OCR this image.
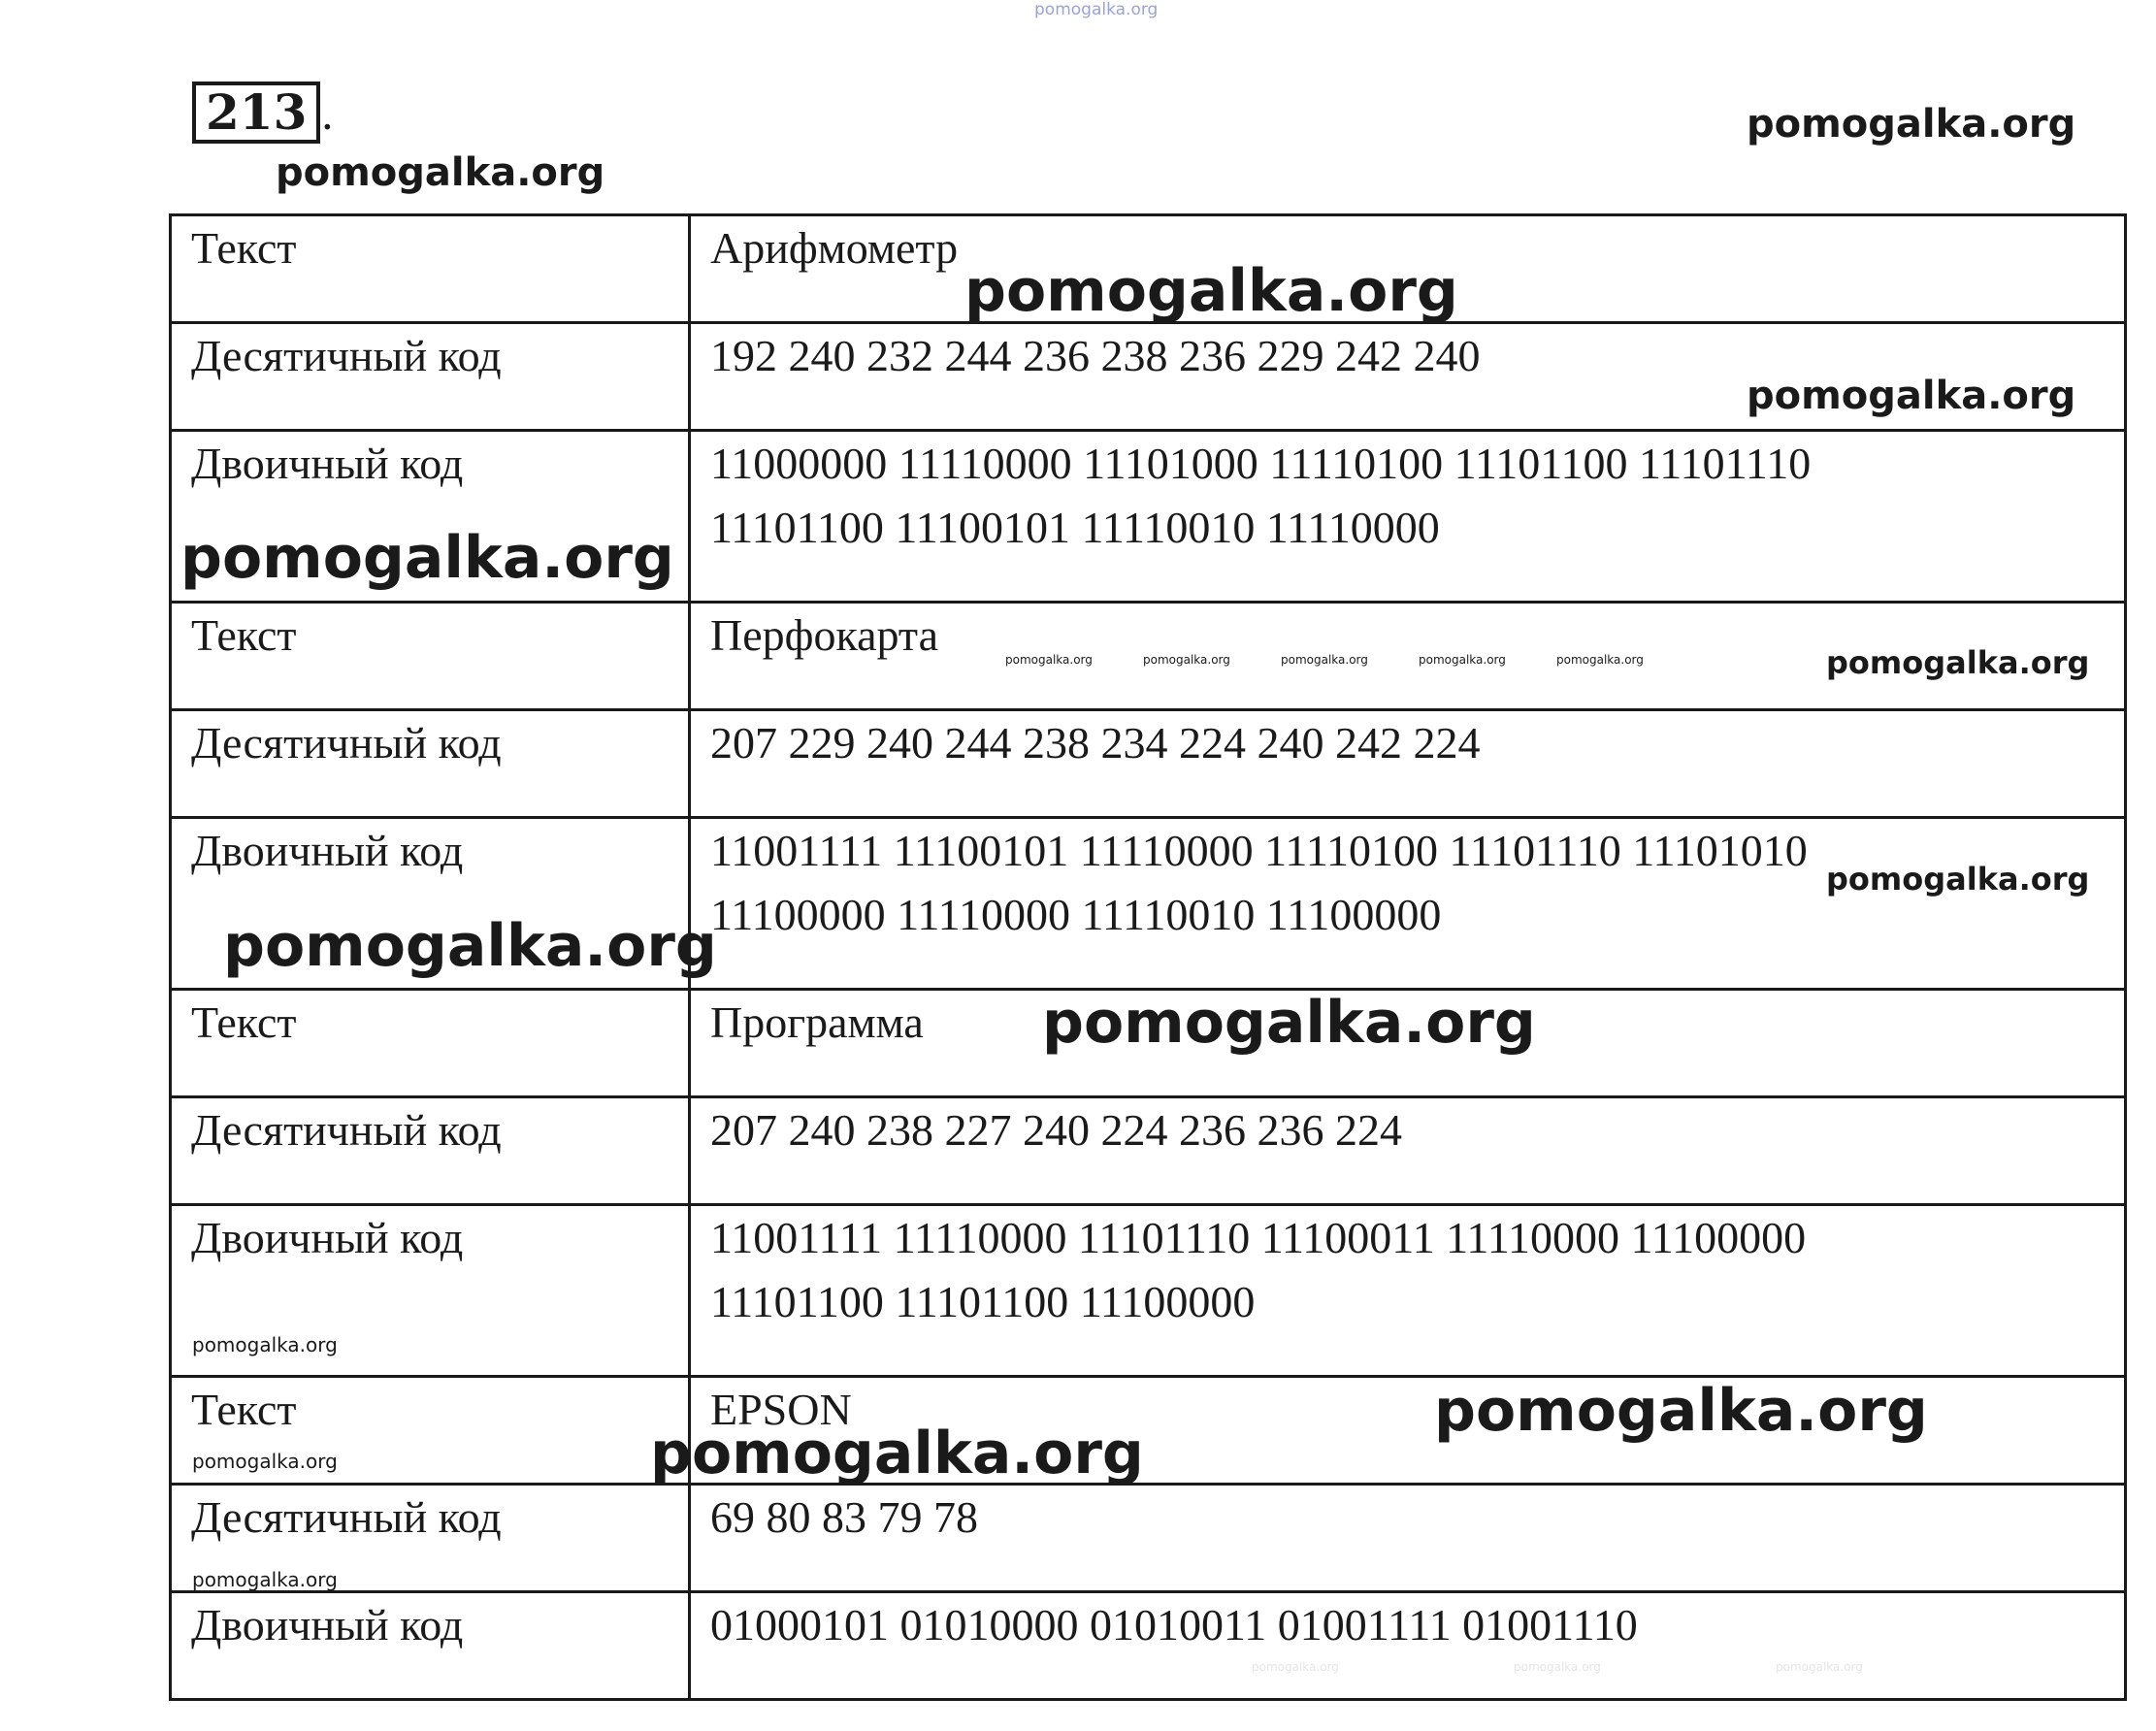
pomogalka.org
213 .
Текст	Арифмометр

Десятичный код	192 240 232 244 236 238 236 229 242 240

Двоичный код	11000000 11110000 11101000 11110100 11101100 11101110
11101100 11100101 11110010 11110000

Текст	Перфокарта

Десятичный код	207 229 240 244 238 234 224 240 242 224

Двоичный код	11001111 11100101 11110000 11110100 11101110 11101010
11100000 11110000 11110010 11100000

Текст	Программа

Десятичный код	207 240 238 227 240 224 236 236 224

Двоичный код	11001111 11110000 11101110 11100011 11110000 11100000
11101100 11101100 11100000

Текст	EPSON

Десятичный код	69 80 83 79 78

Двоичный код	01000101 01010000 01010011 01001111 01001110
pomogalka.org
pomogalka.org
pomogalka.org
pomogalka.org
pomogalka.org
pomogalka.org	pomogalka.org	pomogalka.org	pomogalka.org	pomogalka.org	pomogalka.org
pomogalka.org
pomogalka.org
pomogalka.org
pomogalka.org
pomogalka.org
pomogalka.org	pomogalka.org
pomogalka.org
pomogalka.org	pomogalka.org	pomogalka.org
